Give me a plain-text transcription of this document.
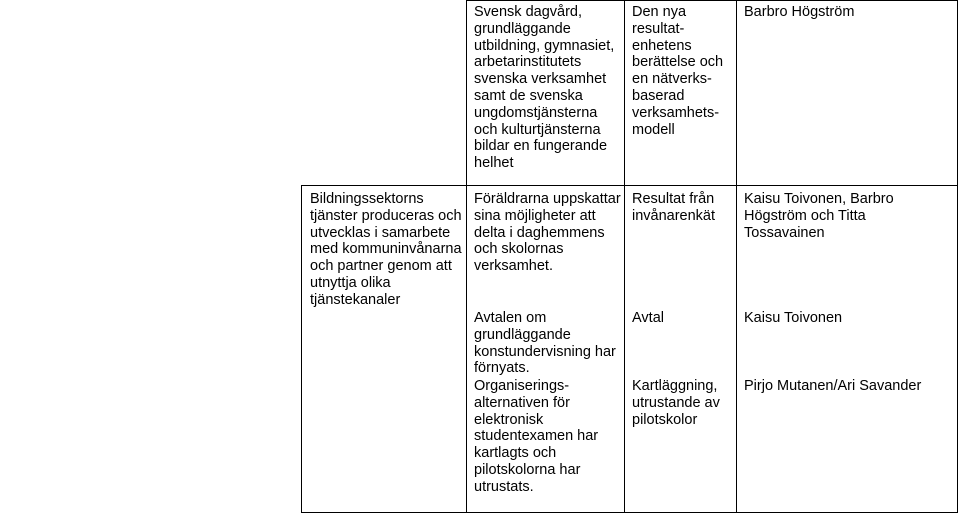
Svensk dagvård,
grundläggande
utbildning, gymnasiet,
arbetarinstitutets
svenska verksamhet
samt de svenska
ungdomstjänsterna
och kulturtjänsterna
bildar en fungerande
helhet
Den nya
resultat-
enhetens
berättelse och
en nätverks-
baserad
verksamhets-
modell
Barbro Högström
Bildningssektorns
tjänster produceras och
utvecklas i samarbete
med kommuninvånarna
och partner genom att
utnyttja olika
tjänstekanaler
Föräldrarna uppskattar
sina möjligheter att
delta i daghemmens
och skolornas
verksamhet.
Resultat från
invånarenkät
Kaisu Toivonen, Barbro
Högström och Titta
Tossavainen
Avtalen om
grundläggande
konstundervisning har
förnyats.
Avtal	Kaisu Toivonen
Organiserings-
alternativen för
elektronisk
studentexamen har
kartlagts och
pilotskolorna har
utrustats.
Kartläggning,
utrustande av
pilotskolor
Pirjo Mutanen/Ari Savander
